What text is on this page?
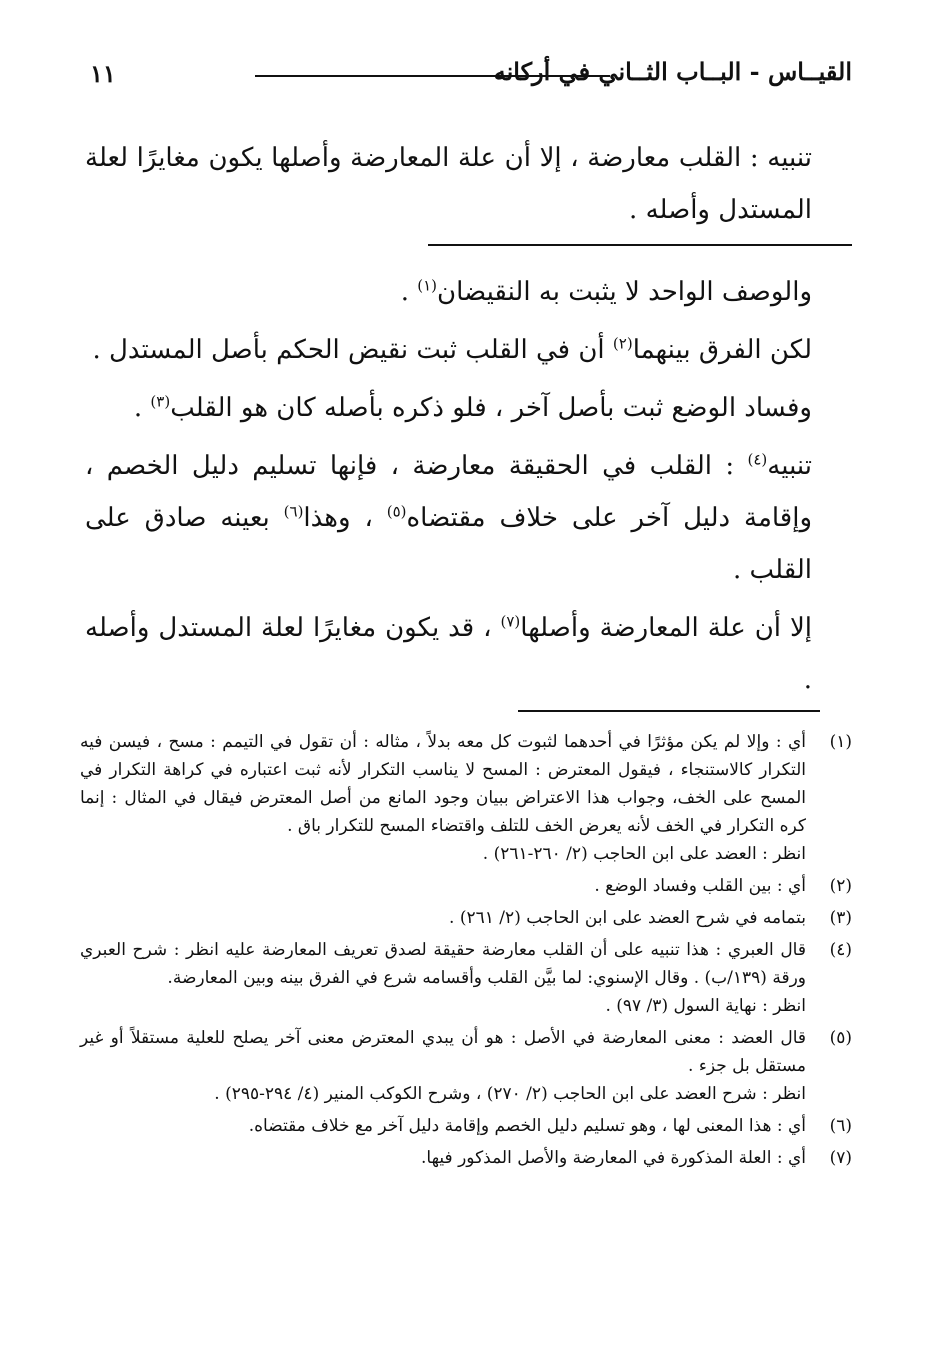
١١	القيــاس - البــاب الثــاني في أركانه

تنبيه : القلب معارضة ، إلا أن علة المعارضة وأصلها يكون مغايرًا لعلة المستدل وأصله .

والوصف الواحد لا يثبت به النقيضان$^{(١)}$ .

لكن الفرق بينهما$^{(٢)}$ أن في القلب ثبت نقيض الحكم بأصل المستدل .

وفساد الوضع ثبت بأصل آخر ، فلو ذكره بأصله كان هو القلب$^{(٣)}$ .

تنبيه$^{(٤)}$ : القلب في الحقيقة معارضة ، فإنها تسليم دليل الخصم ، وإقامة دليل آخر على خلاف مقتضاه$^{(٥)}$ ، وهذا$^{(٦)}$ بعينه صادق على القلب .

إلا أن علة المعارضة وأصلها$^{(٧)}$ ، قد يكون مغايرًا لعلة المستدل وأصله .

(١)
أي : وإلا لم يكن مؤثرًا في أحدهما لثبوت كل معه بدلاً ، مثاله : أن تقول في التيمم : مسح ، فيسن فيه التكرار كالاستنجاء ، فيقول المعترض : المسح لا يناسب التكرار لأنه ثبت اعتباره في كراهة التكرار في المسح على الخف، وجواب هذا الاعتراض ببيان وجود المانع من أصل المعترض فيقال في المثال : إنما كره التكرار في الخف لأنه يعرض الخف للتلف واقتضاء المسح للتكرار باق .
انظر : العضد على ابن الحاجب (٢/ ٢٦٠-٢٦١) .
(٢)
أي : بين القلب وفساد الوضع .
(٣)
بتمامه في شرح العضد على ابن الحاجب (٢/ ٢٦١) .
(٤)
قال العبري : هذا تنبيه على أن القلب معارضة حقيقة لصدق تعريف المعارضة عليه انظر : شرح العبري ورقة (١٣٩/ب) . وقال الإسنوي: لما بيَّن القلب وأقسامه شرع في الفرق بينه وبين المعارضة.
انظر : نهاية السول (٣/ ٩٧) .
(٥)
قال العضد : معنى المعارضة في الأصل : هو أن يبدي المعترض معنى آخر يصلح للعلية مستقلاً أو غير مستقل بل جزء .
انظر : شرح العضد على ابن الحاجب (٢/ ٢٧٠) ، وشرح الكوكب المنير (٤/ ٢٩٤-٢٩٥) .
(٦)
أي : هذا المعنى لها ، وهو تسليم دليل الخصم وإقامة دليل آخر مع خلاف مقتضاه.
(٧)
أي : العلة المذكورة في المعارضة والأصل المذكور فيها.
